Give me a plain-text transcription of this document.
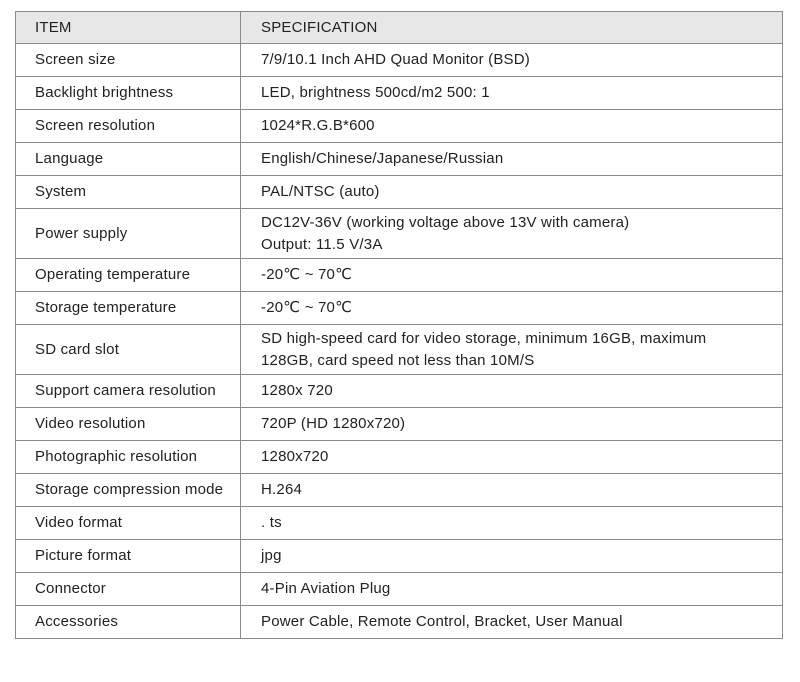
ITEM	SPECIFICATION
Screen size	7/9/10.1 Inch AHD Quad Monitor (BSD)

Backlight brightness	LED, brightness 500cd/m2 500: 1

Screen resolution	1024*R.G.B*600

Language	English/Chinese/Japanese/Russian

System	PAL/NTSC (auto)

Power supply	DC12V-36V (working voltage above 13V with camera)
Output: 11.5 V/3A

Operating temperature	-20℃ ~ 70℃

Storage temperature	-20℃ ~ 70℃

SD card slot	SD high-speed card for video storage, minimum 16GB, maximum
128GB, card speed not less than 10M/S

Support camera resolution	1280x 720

Video resolution	720P (HD 1280x720)

Photographic resolution	1280x720

Storage compression mode	H.264

Video format	. ts

Picture format	jpg

Connector	4-Pin Aviation Plug

Accessories	Power Cable, Remote Control, Bracket, User Manual
